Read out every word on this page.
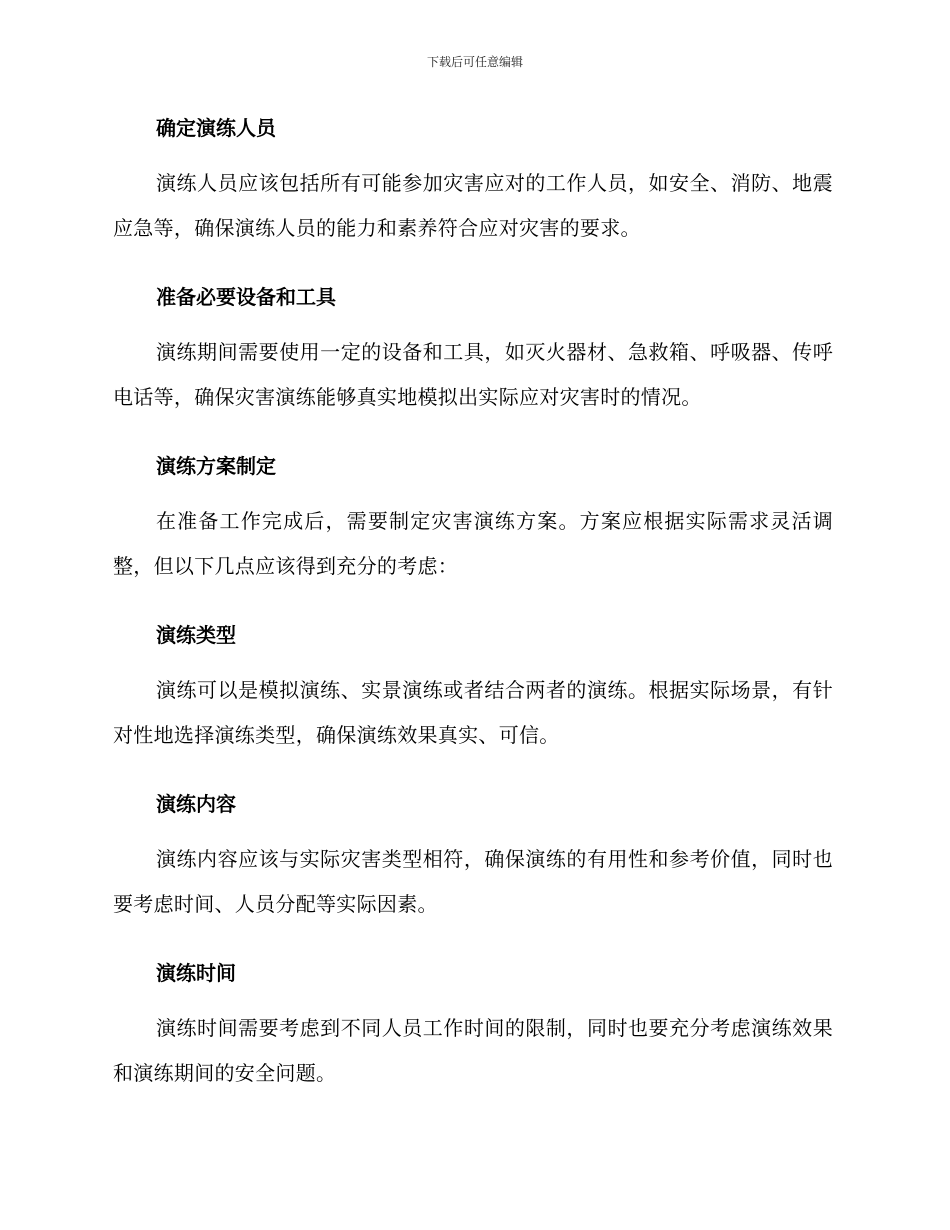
下载后可任意编辑
确定演练人员

演练人员应该包括所有可能参加灾害应对的工作人员，如安全、消防、地震应急等，确保演练人员的能力和素养符合应对灾害的要求。

准备必要设备和工具

演练期间需要使用一定的设备和工具，如灭火器材、急救箱、呼吸器、传呼电话等，确保灾害演练能够真实地模拟出实际应对灾害时的情况。

演练方案制定

在准备工作完成后，需要制定灾害演练方案。方案应根据实际需求灵活调整，但以下几点应该得到充分的考虑：

演练类型

演练可以是模拟演练、实景演练或者结合两者的演练。根据实际场景，有针对性地选择演练类型，确保演练效果真实、可信。

演练内容

演练内容应该与实际灾害类型相符，确保演练的有用性和参考价值，同时也要考虑时间、人员分配等实际因素。

演练时间

演练时间需要考虑到不同人员工作时间的限制，同时也要充分考虑演练效果和演练期间的安全问题。
